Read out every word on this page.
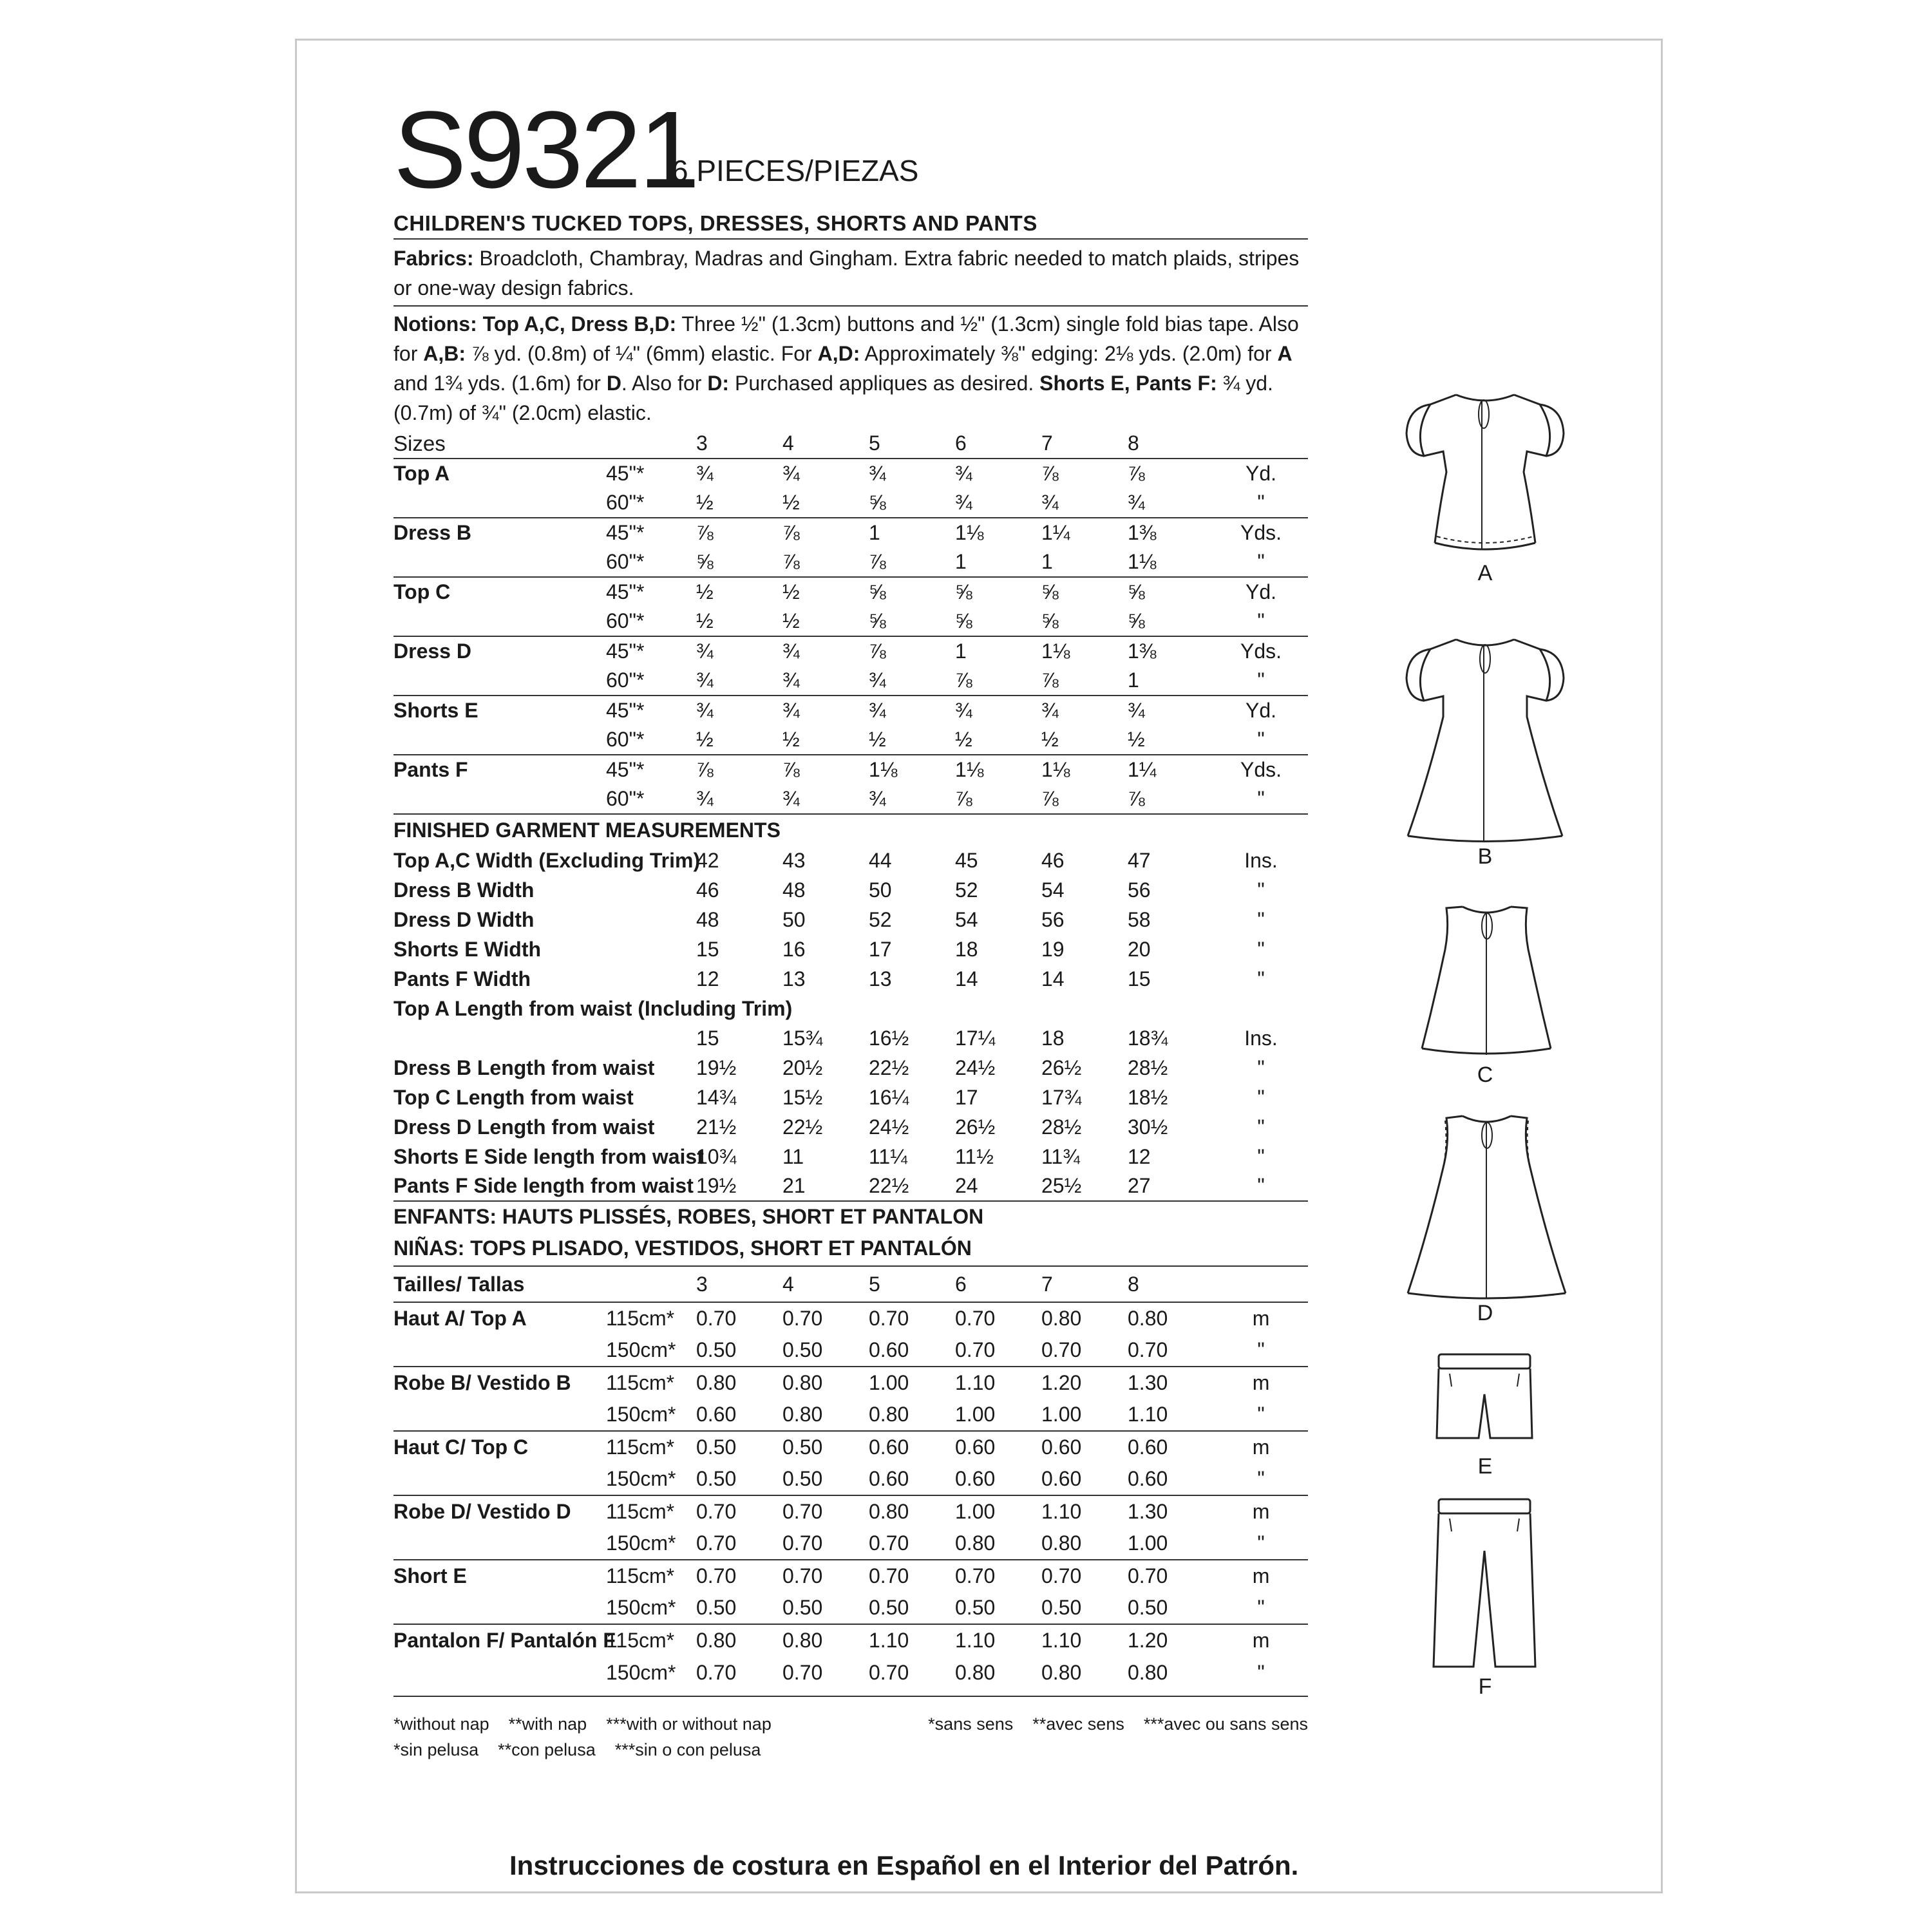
S9321
6 PIECES/PIEZAS
CHILDREN'S TUCKED TOPS, DRESSES, SHORTS AND PANTS
Fabrics: Broadcloth, Chambray, Madras and Gingham. Extra fabric needed to match plaids, stripes or one-way design fabrics.
Notions: Top A,C, Dress B,D: Three ½" (1.3cm) buttons and ½" (1.3cm) single fold bias tape. Also for A,B: ⅞ yd. (0.8m) of ¼" (6mm) elastic. For A,D: Approximately ⅜" edging: 2⅛ yds. (2.0m) for A and 1¾ yds. (1.6m) for D. Also for D: Purchased appliques as desired. Shorts E, Pants F: ¾ yd. (0.7m) of ¾" (2.0cm) elastic.
Sizes		3	4	5	6	7	8	
Top A	45"*	¾	¾	¾	¾	⅞	⅞	Yd.
	60"*	½	½	⅝	¾	¾	¾	"
Dress B	45"*	⅞	⅞	1	1⅛	1¼	1⅜	Yds.
	60"*	⅝	⅞	⅞	1	1	1⅛	"
Top C	45"*	½	½	⅝	⅝	⅝	⅝	Yd.
	60"*	½	½	⅝	⅝	⅝	⅝	"
Dress D	45"*	¾	¾	⅞	1	1⅛	1⅜	Yds.
	60"*	¾	¾	¾	⅞	⅞	1	"
Shorts E	45"*	¾	¾	¾	¾	¾	¾	Yd.
	60"*	½	½	½	½	½	½	"
Pants F	45"*	⅞	⅞	1⅛	1⅛	1⅛	1¼	Yds.
	60"*	¾	¾	¾	⅞	⅞	⅞	"
FINISHED GARMENT MEASUREMENTS							
Top A,C Width (Excluding Trim)	42	43	44	45	46	47	Ins.
Dress B Width	46	48	50	52	54	56	"
Dress D Width	48	50	52	54	56	58	"
Shorts E Width	15	16	17	18	19	20	"
Pants F Width	12	13	13	14	14	15	"
Top A Length from waist (Including Trim)							
	15	15¾	16½	17¼	18	18¾	Ins.
Dress B Length from waist	19½	20½	22½	24½	26½	28½	"
Top C Length from waist	14¾	15½	16¼	17	17¾	18½	"
Dress D Length from waist	21½	22½	24½	26½	28½	30½	"
Shorts E Side length from waist	10¾	11	11¼	11½	11¾	12	"
Pants F Side length from waist	19½	21	22½	24	25½	27	"
ENFANTS: HAUTS PLISSÉS, ROBES, SHORT ET PANTALON								
NIÑAS: TOPS PLISADO, VESTIDOS, SHORT ET PANTALÓN								
Tailles/ Tallas		3	4	5	6	7	8	
Haut A/ Top A	115cm*	0.70	0.70	0.70	0.70	0.80	0.80	m
	150cm*	0.50	0.50	0.60	0.70	0.70	0.70	"
Robe B/ Vestido B	115cm*	0.80	0.80	1.00	1.10	1.20	1.30	m
	150cm*	0.60	0.80	0.80	1.00	1.00	1.10	"
Haut C/ Top C	115cm*	0.50	0.50	0.60	0.60	0.60	0.60	m
	150cm*	0.50	0.50	0.60	0.60	0.60	0.60	"
Robe D/ Vestido D	115cm*	0.70	0.70	0.80	1.00	1.10	1.30	m
	150cm*	0.70	0.70	0.70	0.80	0.80	1.00	"
Short E	115cm*	0.70	0.70	0.70	0.70	0.70	0.70	m
	150cm*	0.50	0.50	0.50	0.50	0.50	0.50	"
Pantalon F/ Pantalón F	115cm*	0.80	0.80	1.10	1.10	1.10	1.20	m
	150cm*	0.70	0.70	0.70	0.80	0.80	0.80	"

*without nap    **with nap    ***with or without nap
*sin pelusa    **con pelusa    ***sin o con pelusa
*sans sens    **avec sens    ***avec ou sans sens
Instrucciones de costura en Español en el Interior del Patrón.
A
B
C
D
E
F
